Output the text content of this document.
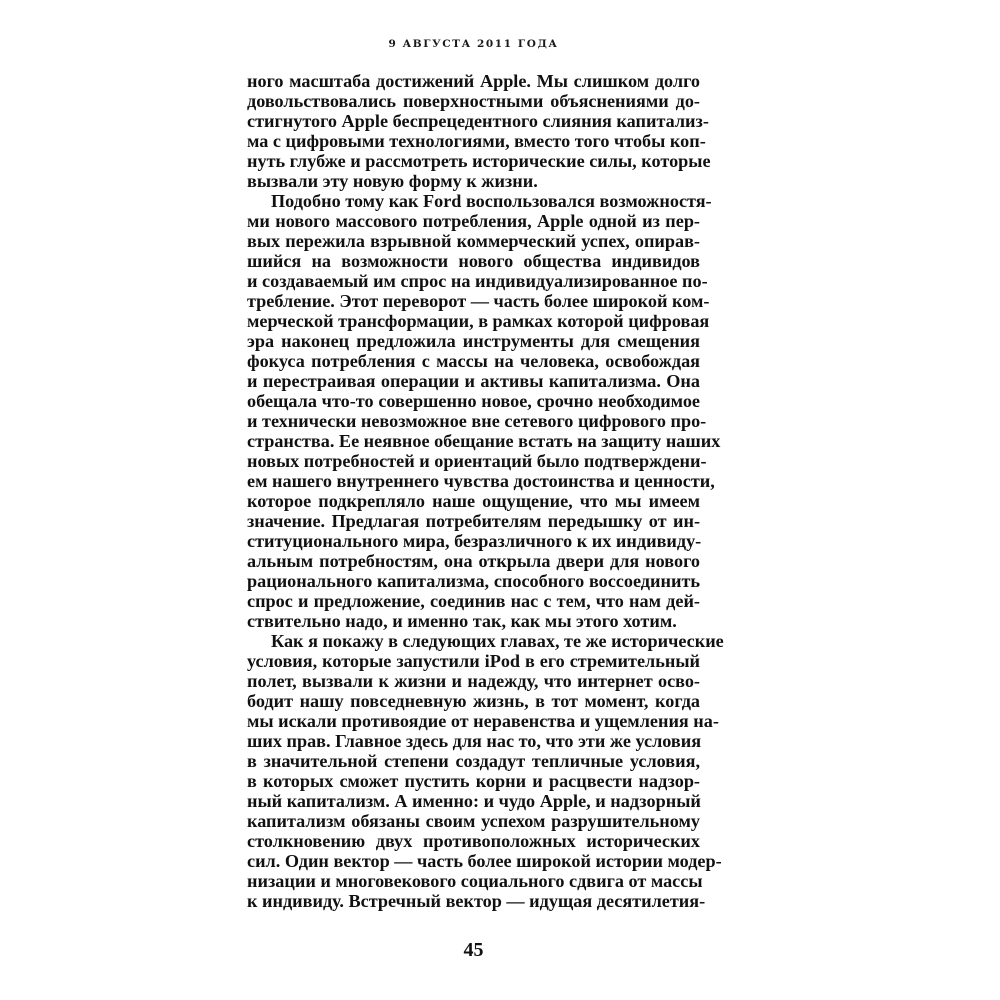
9 АВГУСТА 2011 ГОДА
ного масштаба достижений Apple. Мы слишком долго
довольствовались поверхностными объяснениями до-
стигнутого Apple беспрецедентного слияния капитализ-
ма с цифровыми технологиями, вместо того чтобы коп-
нуть глубже и рассмотреть исторические силы, которые
вызвали эту новую форму к жизни.
Подобно тому как Ford воспользовался возможностя-
ми нового массового потребления, Apple одной из пер-
вых пережила взрывной коммерческий успех, опирав-
шийся на возможности нового общества индивидов
и создаваемый им спрос на индивидуализированное по-
требление. Этот переворот — часть более широкой ком-
мерческой трансформации, в рамках которой цифровая
эра наконец предложила инструменты для смещения
фокуса потребления с массы на человека, освобождая
и перестраивая операции и активы капитализма. Она
обещала что-то совершенно новое, срочно необходимое
и технически невозможное вне сетевого цифрового про-
странства. Ее неявное обещание встать на защиту наших
новых потребностей и ориентаций было подтверждени-
ем нашего внутреннего чувства достоинства и ценности,
которое подкрепляло наше ощущение, что мы имеем
значение. Предлагая потребителям передышку от ин-
ституционального мира, безразличного к их индивиду-
альным потребностям, она открыла двери для нового
рационального капитализма, способного воссоединить
спрос и предложение, соединив нас с тем, что нам дей-
ствительно надо, и именно так, как мы этого хотим.
Как я покажу в следующих главах, те же исторические
условия, которые запустили iPod в его стремительный
полет, вызвали к жизни и надежду, что интернет осво-
бодит нашу повседневную жизнь, в тот момент, когда
мы искали противоядие от неравенства и ущемления на-
ших прав. Главное здесь для нас то, что эти же условия
в значительной степени создадут тепличные условия,
в которых сможет пустить корни и расцвести надзор-
ный капитализм. А именно: и чудо Apple, и надзорный
капитализм обязаны своим успехом разрушительному
столкновению двух противоположных исторических
сил. Один вектор — часть более широкой истории модер-
низации и многовекового социального сдвига от массы
к индивиду. Встречный вектор — идущая десятилетия-
45
